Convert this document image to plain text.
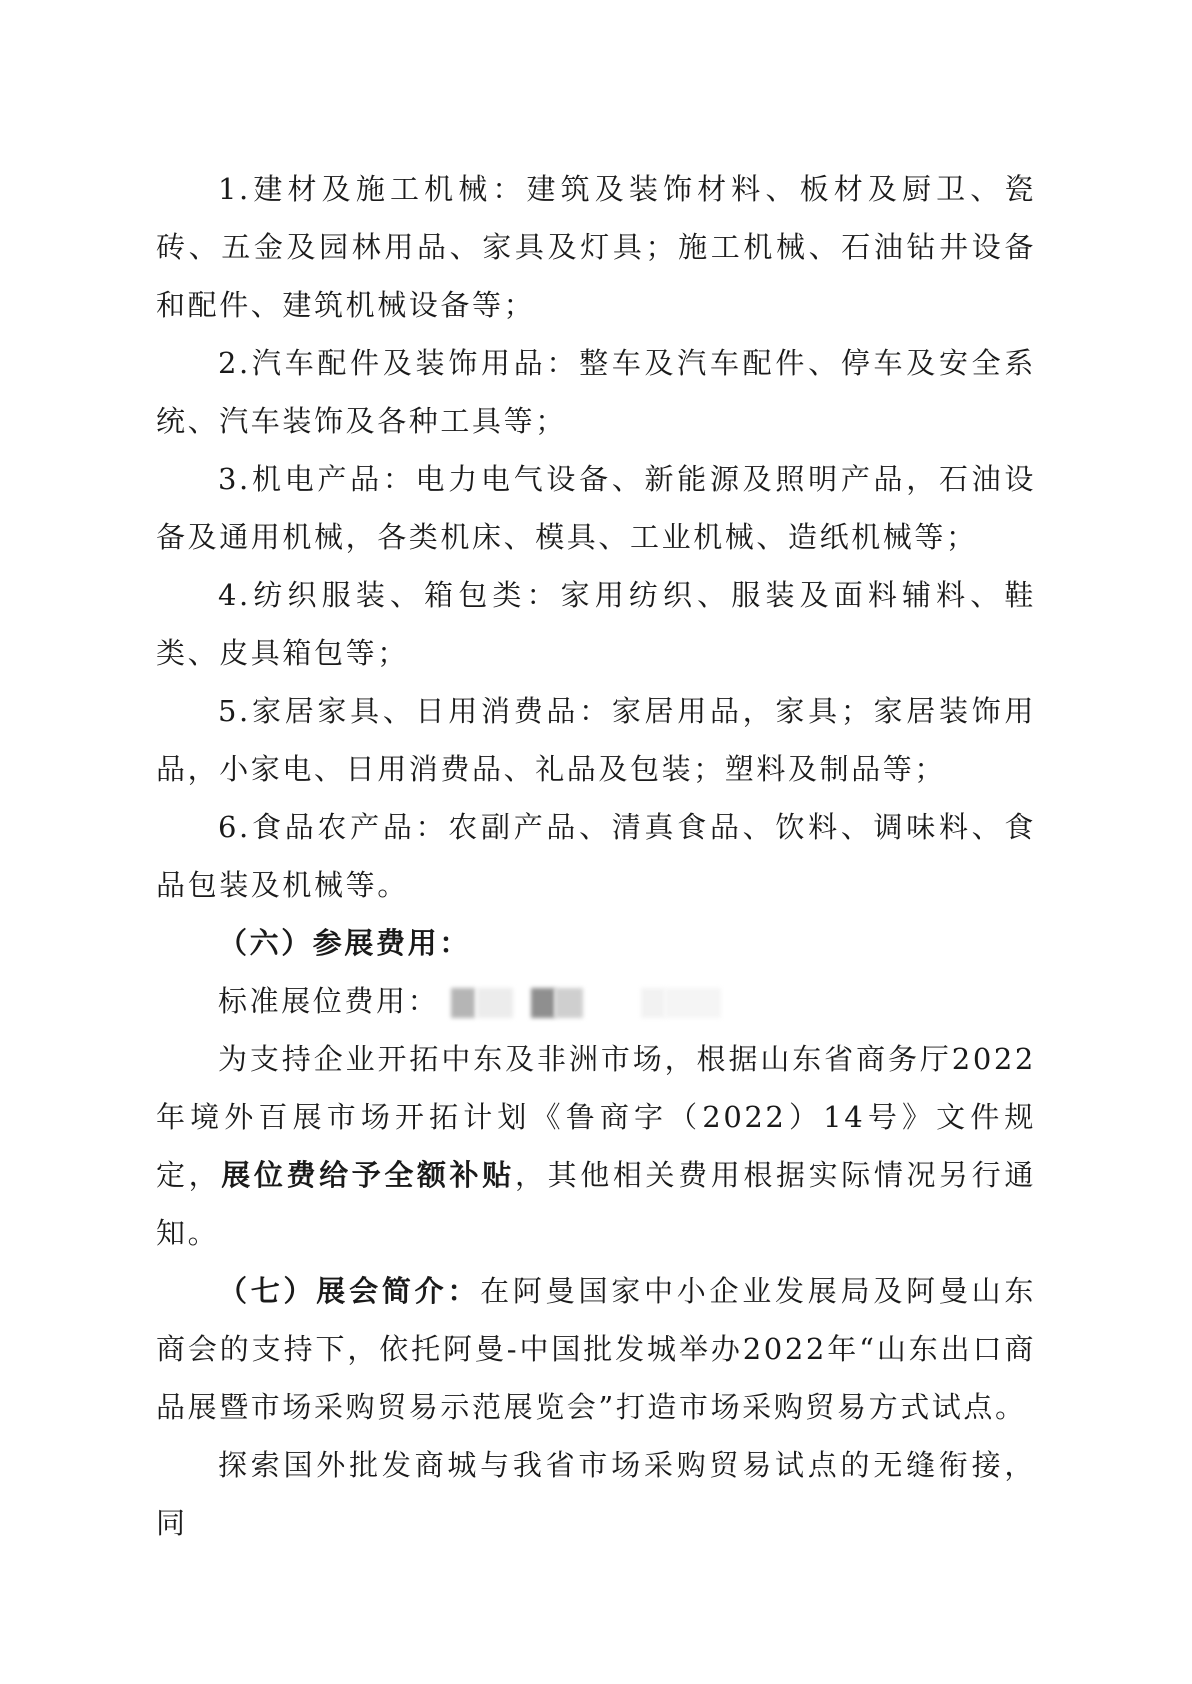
1.建材及施工机械：建筑及装饰材料、板材及厨卫、瓷砖、五金及园林用品、家具及灯具；施工机械、石油钻井设备和配件、建筑机械设备等；

2.汽车配件及装饰用品：整车及汽车配件、停车及安全系统、汽车装饰及各种工具等；

3.机电产品：电力电气设备、新能源及照明产品，石油设备及通用机械，各类机床、模具、工业机械、造纸机械等；

4.纺织服装、箱包类：家用纺织、服装及面料辅料、鞋类、皮具箱包等；

5.家居家具、日用消费品：家居用品，家具；家居装饰用品，小家电、日用消费品、礼品及包装；塑料及制品等；

6.食品农产品：农副产品、清真食品、饮料、调味料、食品包装及机械等。

（六）参展费用：

标准展位费用：

为支持企业开拓中东及非洲市场，根据山东省商务厅2022年境外百展市场开拓计划《鲁商字（2022）14号》文件规定，展位费给予全额补贴，其他相关费用根据实际情况另行通知。

（七）展会简介：在阿曼国家中小企业发展局及阿曼山东商会的支持下，依托阿曼-中国批发城举办2022年“山东出口商品展暨市场采购贸易示范展览会”打造市场采购贸易方式试点。

探索国外批发商城与我省市场采购贸易试点的无缝衔接，同
